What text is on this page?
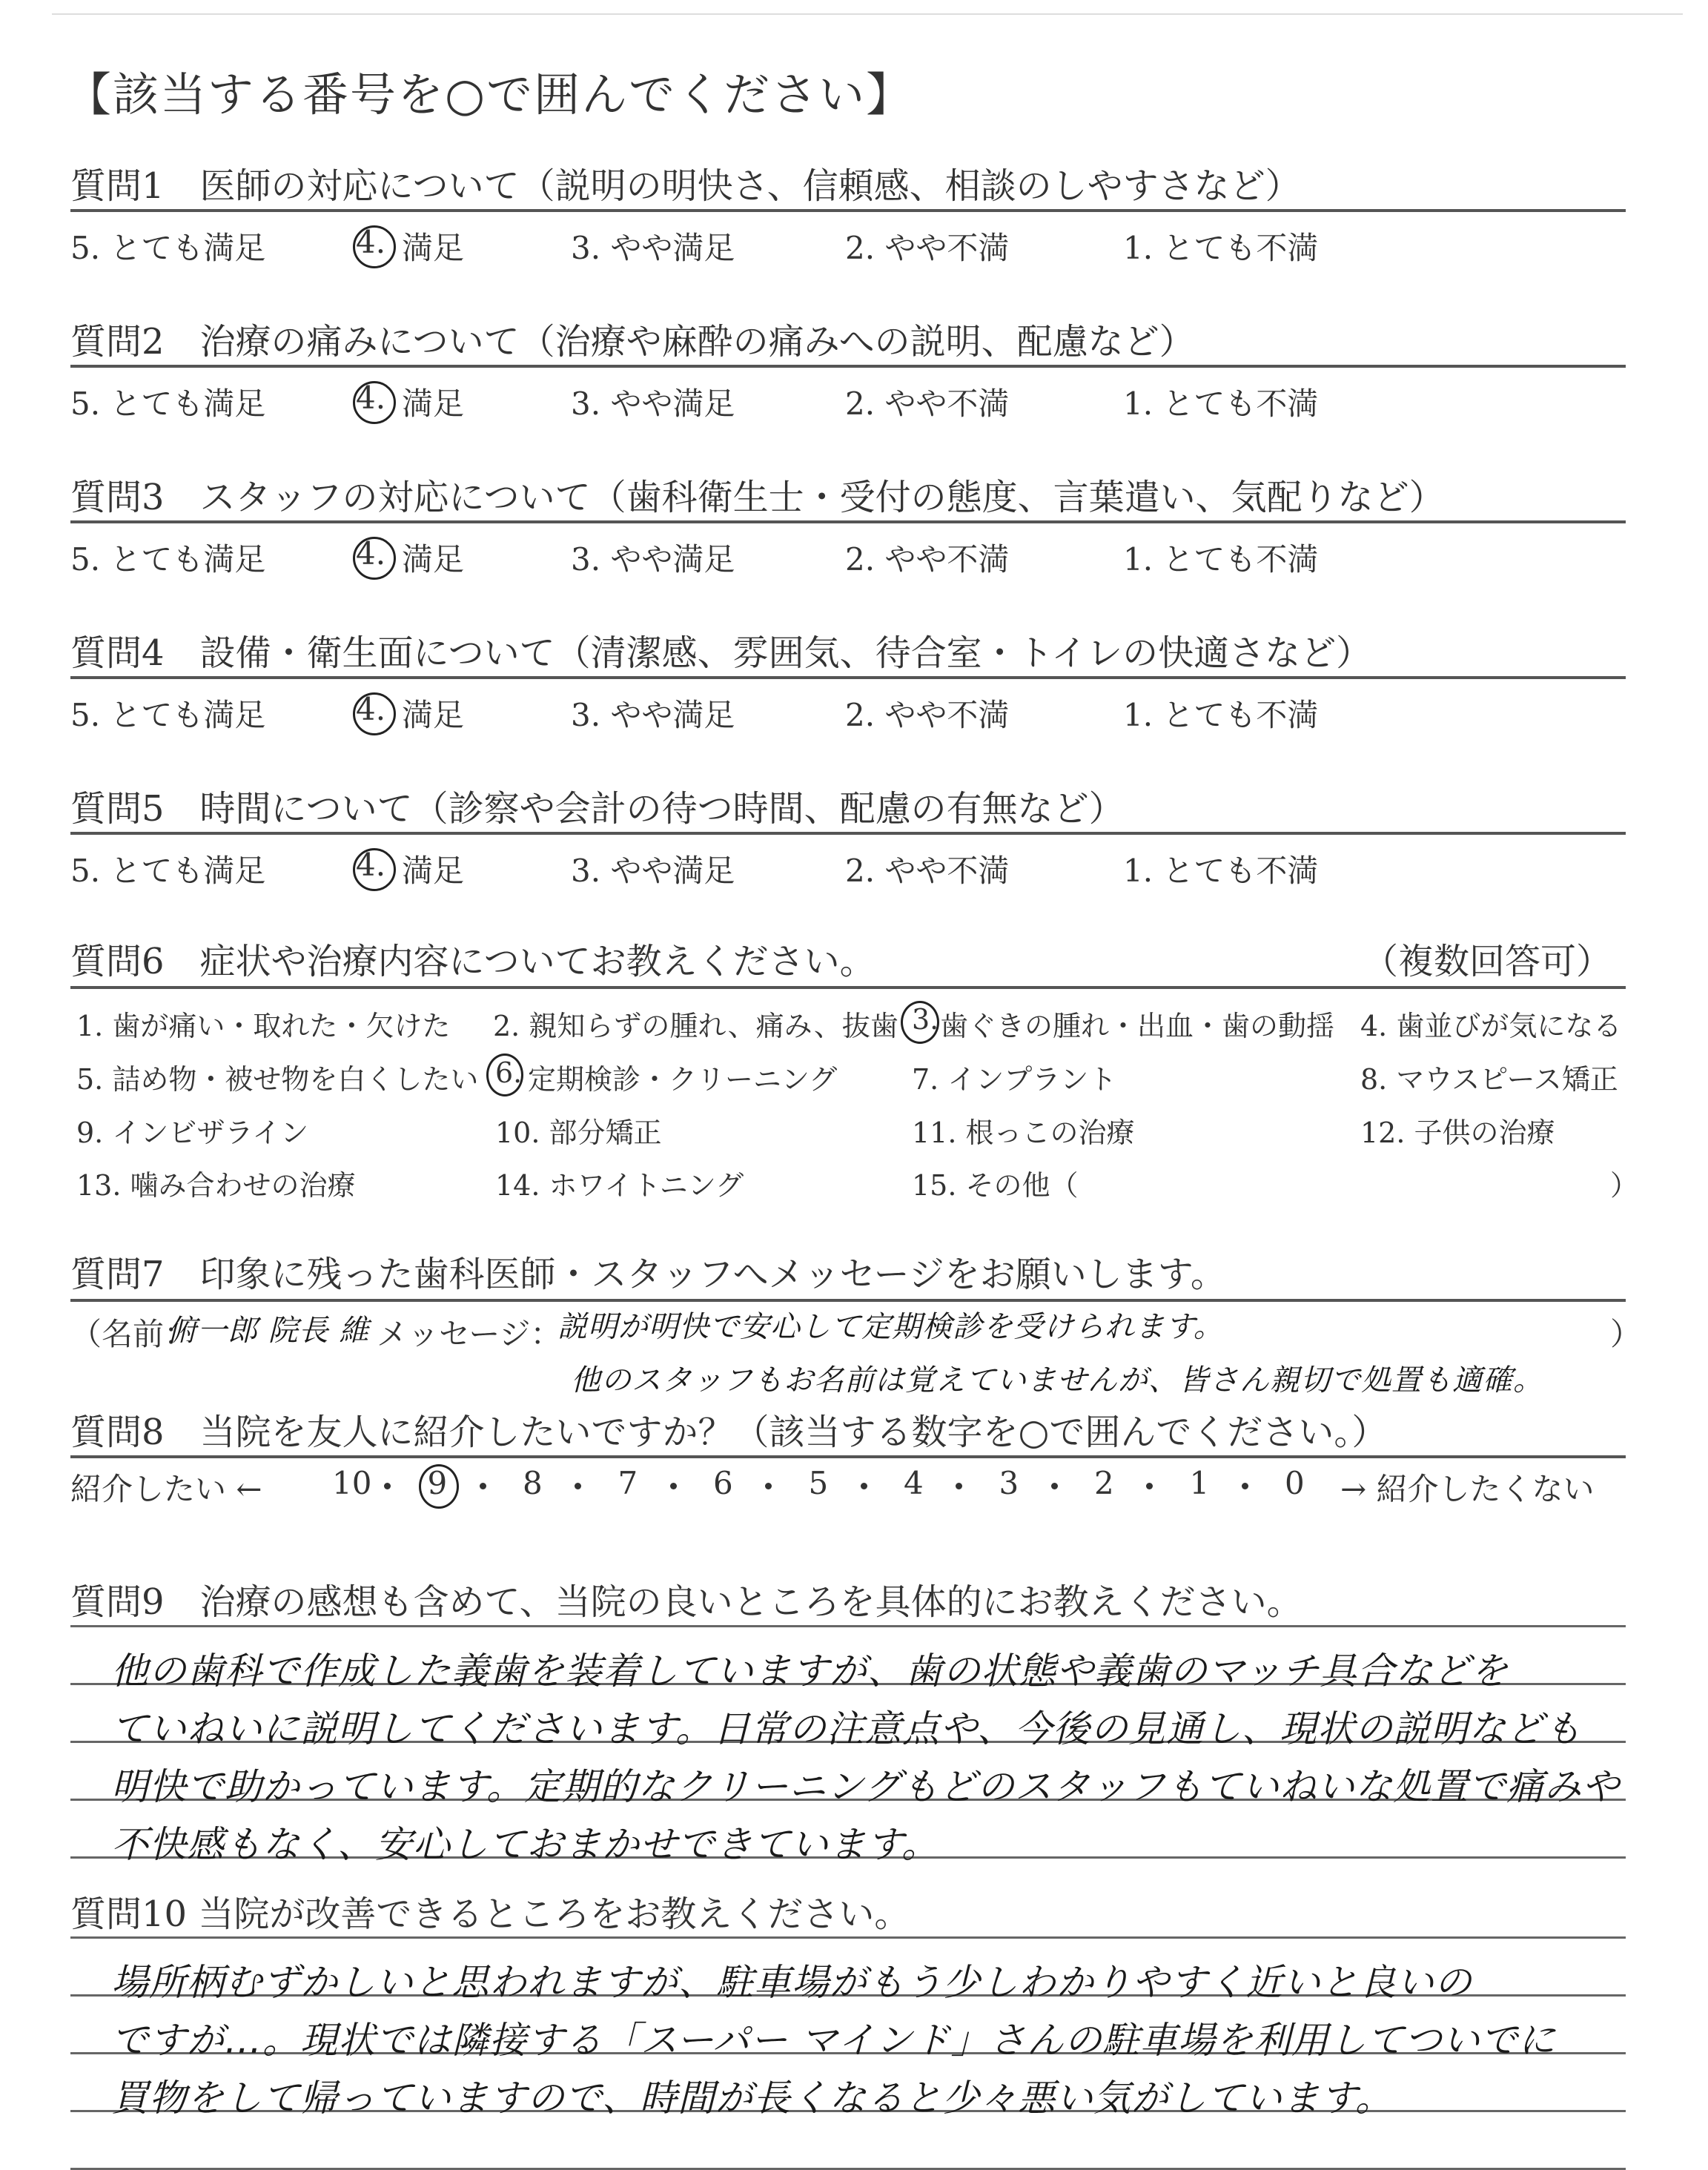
【該当する番号を○で囲んでください】
質問1　医師の対応について（説明の明快さ、信頼感、相談のしやすさなど）
5. とても満足	4. 満足	3. やや満足	2. やや不満	1. とても不満
質問2　治療の痛みについて（治療や麻酔の痛みへの説明、配慮など）
5. とても満足	4. 満足	3. やや満足	2. やや不満	1. とても不満
質問3　スタッフの対応について（歯科衛生士・受付の態度、言葉遣い、気配りなど）
5. とても満足	4. 満足	3. やや満足	2. やや不満	1. とても不満
質問4　設備・衛生面について（清潔感、雰囲気、待合室・トイレの快適さなど）
5. とても満足	4. 満足	3. やや満足	2. やや不満	1. とても不満
質問5　時間について（診察や会計の待つ時間、配慮の有無など）
5. とても満足	4. 満足	3. やや満足	2. やや不満	1. とても不満
質問6　症状や治療内容についてお教えください。	（複数回答可）
1. 歯が痛い・取れた・欠けた 2. 親知らずの腫れ、痛み、抜歯 3. 歯ぐきの腫れ・出血・歯の動揺 4. 歯並びが気になる
5. 詰め物・被せ物を白くしたい 6. 定期検診・クリーニング	7. インプラント	8. マウスピース矯正
9. インビザライン	10. 部分矯正	11. 根っこの治療	12. 子供の治療
13. 噛み合わせの治療	14. ホワイトニング	15. その他（	）
質問7　印象に残った歯科医師・スタッフへメッセージをお願いします。
（名前：
俯一郎 院長 維 メッセージ：
説明が明快で安心して定期検診を受けられます。	）
他のスタッフもお名前は覚えていませんが、皆さん親切で処置も適確。
質問8　当院を友人に紹介したいですか？（該当する数字を○で囲んでください。）
紹介したい ← 10 9 8 7 6 5 4 3 2 1 0 → 紹介したくない
質問9　治療の感想も含めて、当院の良いところを具体的にお教えください。
他の歯科で作成した義歯を装着していますが、歯の状態や義歯のマッチ具合などを
ていねいに説明してくださいます。日常の注意点や、今後の見通し、現状の説明なども
明快で助かっています。定期的なクリーニングもどのスタッフもていねいな処置で痛みや
不快感もなく、安心しておまかせできています。
質問10 当院が改善できるところをお教えください。
場所柄むずかしいと思われますが、駐車場がもう少しわかりやすく近いと良いの
ですが…。現状では隣接する「スーパー マインド」さんの駐車場を利用してついでに
買物をして帰っていますので、時間が長くなると少々悪い気がしています。
